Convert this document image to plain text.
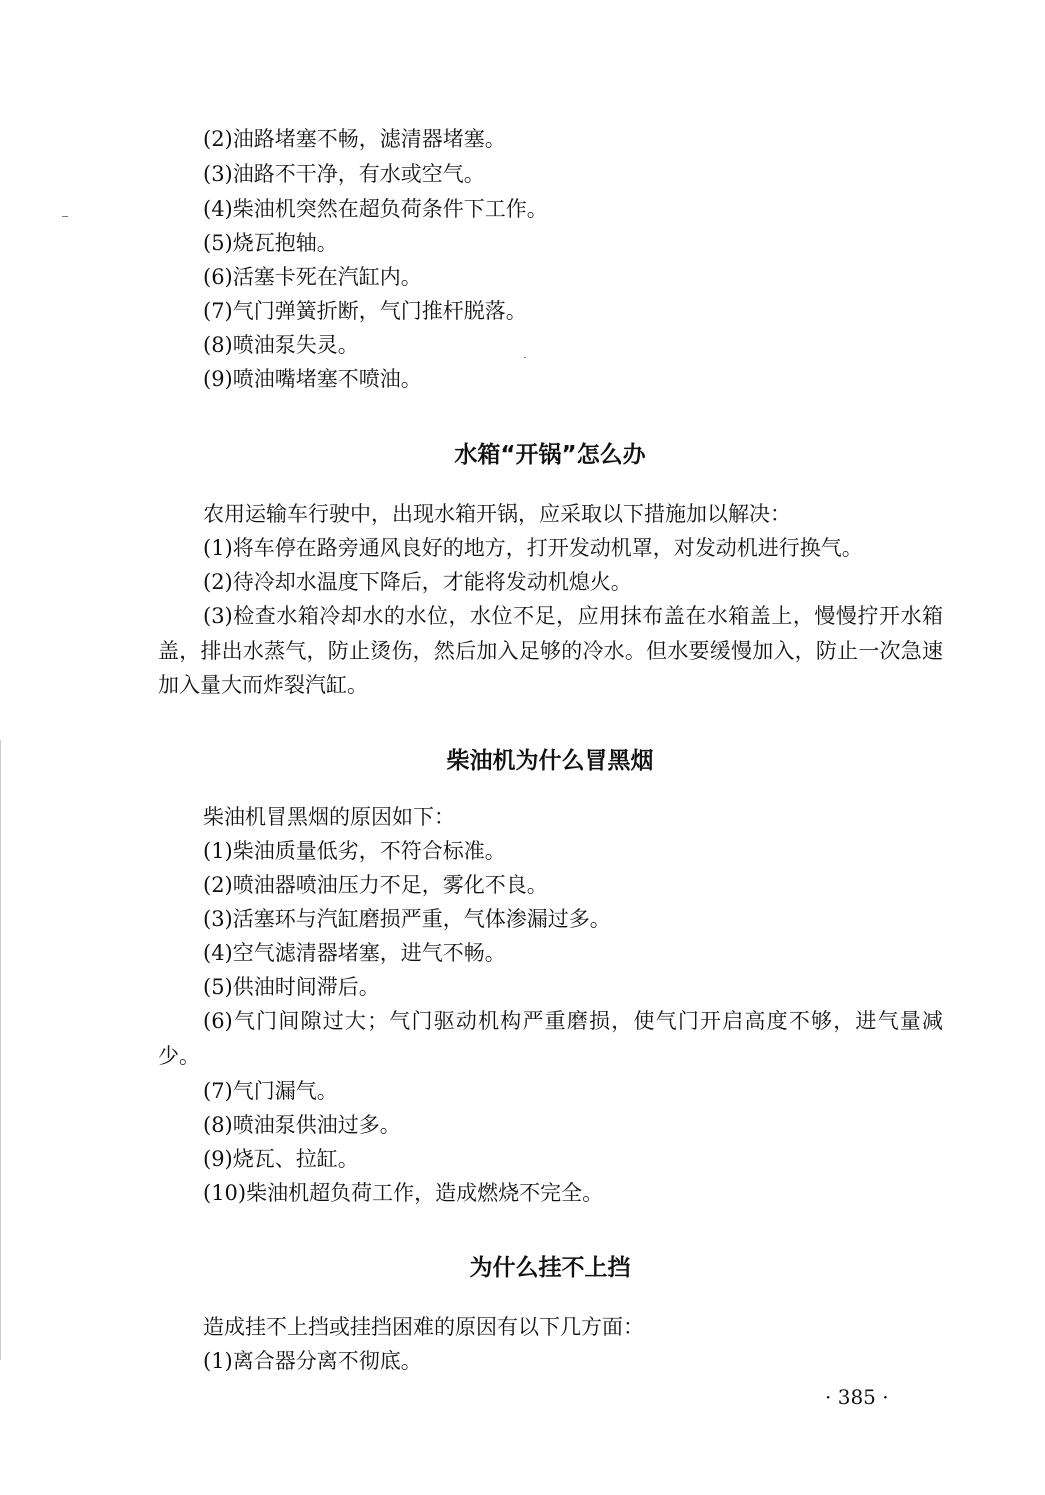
(2)油路堵塞不畅，滤清器堵塞。
(3)油路不干净，有水或空气。
(4)柴油机突然在超负荷条件下工作。
(5)烧瓦抱轴。
(6)活塞卡死在汽缸内。
(7)气门弹簧折断，气门推杆脱落。
(8)喷油泵失灵。
(9)喷油嘴堵塞不喷油。
水箱“开锅”怎么办
农用运输车行驶中，出现水箱开锅，应采取以下措施加以解决：
(1)将车停在路旁通风良好的地方，打开发动机罩，对发动机进行换气。
(2)待冷却水温度下降后，才能将发动机熄火。
(3)检查水箱冷却水的水位，水位不足，应用抹布盖在水箱盖上，慢慢拧开水箱盖，排出水蒸气，防止烫伤，然后加入足够的冷水。但水要缓慢加入，防止一次急速加入量大而炸裂汽缸。
柴油机为什么冒黑烟
柴油机冒黑烟的原因如下：
(1)柴油质量低劣，不符合标准。
(2)喷油器喷油压力不足，雾化不良。
(3)活塞环与汽缸磨损严重，气体渗漏过多。
(4)空气滤清器堵塞，进气不畅。
(5)供油时间滞后。
(6)气门间隙过大；气门驱动机构严重磨损，使气门开启高度不够，进气量减少。
(7)气门漏气。
(8)喷油泵供油过多。
(9)烧瓦、拉缸。
(10)柴油机超负荷工作，造成燃烧不完全。
为什么挂不上挡
造成挂不上挡或挂挡困难的原因有以下几方面：
(1)离合器分离不彻底。
· 385 ·
